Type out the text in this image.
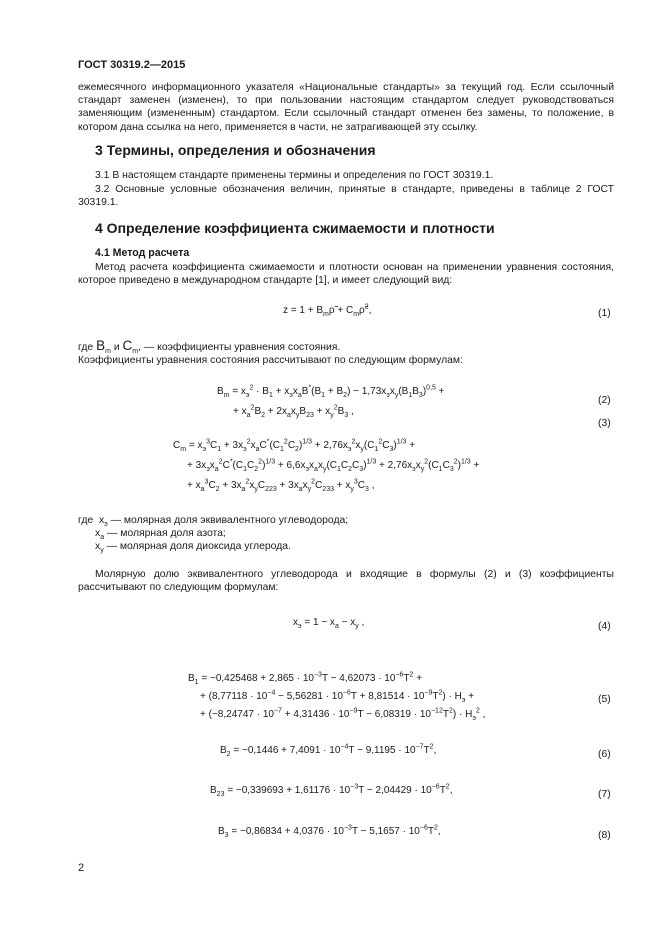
ГОСТ 30319.2—2015
ежемесячного информационного указателя «Национальные стандарты» за текущий год. Если ссылочный стандарт заменен (изменен), то при пользовании настоящим стандартом следует руководствоваться заменяющим (измененным) стандартом. Если ссылочный стандарт отменен без замены, то положение, в котором дана ссылка на него, применяется в части, не затрагивающей эту ссылку.
3 Термины, определения и обозначения
3.1 В настоящем стандарте применены термины и определения по ГОСТ 30319.1.
3.2 Основные условные обозначения величин, принятые в стандарте, приведены в таблице 2 ГОСТ 30319.1.
4 Определение коэффициента сжимаемости и плотности
4.1 Метод расчета
Метод расчета коэффициента сжимаемости и плотности основан на применении уравнения состояния, которое приведено в международном стандарте [1], и имеет следующий вид:
$z = 1 + B_m\rhõ$ + $C_m\rhõ^2$,	(1)
где $B_m$ и $C_m$, — коэффициенты уравнения состояния.
Коэффициенты уравнения состояния рассчитывают по следующим формулам:
$B_m = x_э^2 \cdot B_1 + x_эx_aB^*(B_1 + B_2) - 1,73x_эx_y(B_1B_3)^{0,5}$ +
+ $x_a^2B_2 + 2x_ax_yB_{23} + x_y^2B_3$ ,
(2)
$C_m = x_э^3C_1 + 3x_э^2x_aC^*(C_1^2C_2)^{1/3} + 2,76x_э^2x_y(C_1^2C_3)^{1/3}$ +
+ $3x_эx_a^2C^*(C_1C_2^2)^{1/3} + 6,6x_эx_ax_y(C_1C_2C_3)^{1/3} + 2,76x_эx_y^2(C_1C_3^2)^{1/3}$ +
+ $x_a^3C_2 + 3x_a^2x_yC_{223} + 3x_ax_y^2C_{233} + x_y^3C_3$ ,
(3)
где  $x_э$ — молярная доля эквивалентного углеводорода;
$x_a$ — молярная доля азота;
$x_y$ — молярная доля диоксида углерода.
Молярную долю эквивалентного углеводорода и входящие в формулы (2) и (3) коэффициенты рассчитывают по следующим формулам:
$x_э = 1 - x_a - x_y$ ,	(4)
$B_1 = -0,425468 + 2,865 \cdot 10^{-3}T - 4,62073 \cdot 10^{-6}T^2$ +
+ $(8,77118 \cdot 10^{-4} - 5,56281 \cdot 10^{-6}T + 8,81514 \cdot 10^{-9}T^2) \cdot H_э$ +
+ $(-8,24747 \cdot 10^{-7} + 4,31436 \cdot 10^{-9}T - 6,08319 \cdot 10^{-12}T^2) \cdot H_э^2$ ,
(5)
$B_2 = -0,1446 + 7,4091 \cdot 10^{-4}T - 9,1195 \cdot 10^{-7}T^2$,	(6)
$B_{23} = -0,339693 + 1,61176 \cdot 10^{-3}T - 2,04429 \cdot 10^{-6}T^2$,	(7)
$B_3 = -0,86834 + 4,0376 \cdot 10^{-3}T - 5,1657 \cdot 10^{-6}T^2$,	(8)
2
